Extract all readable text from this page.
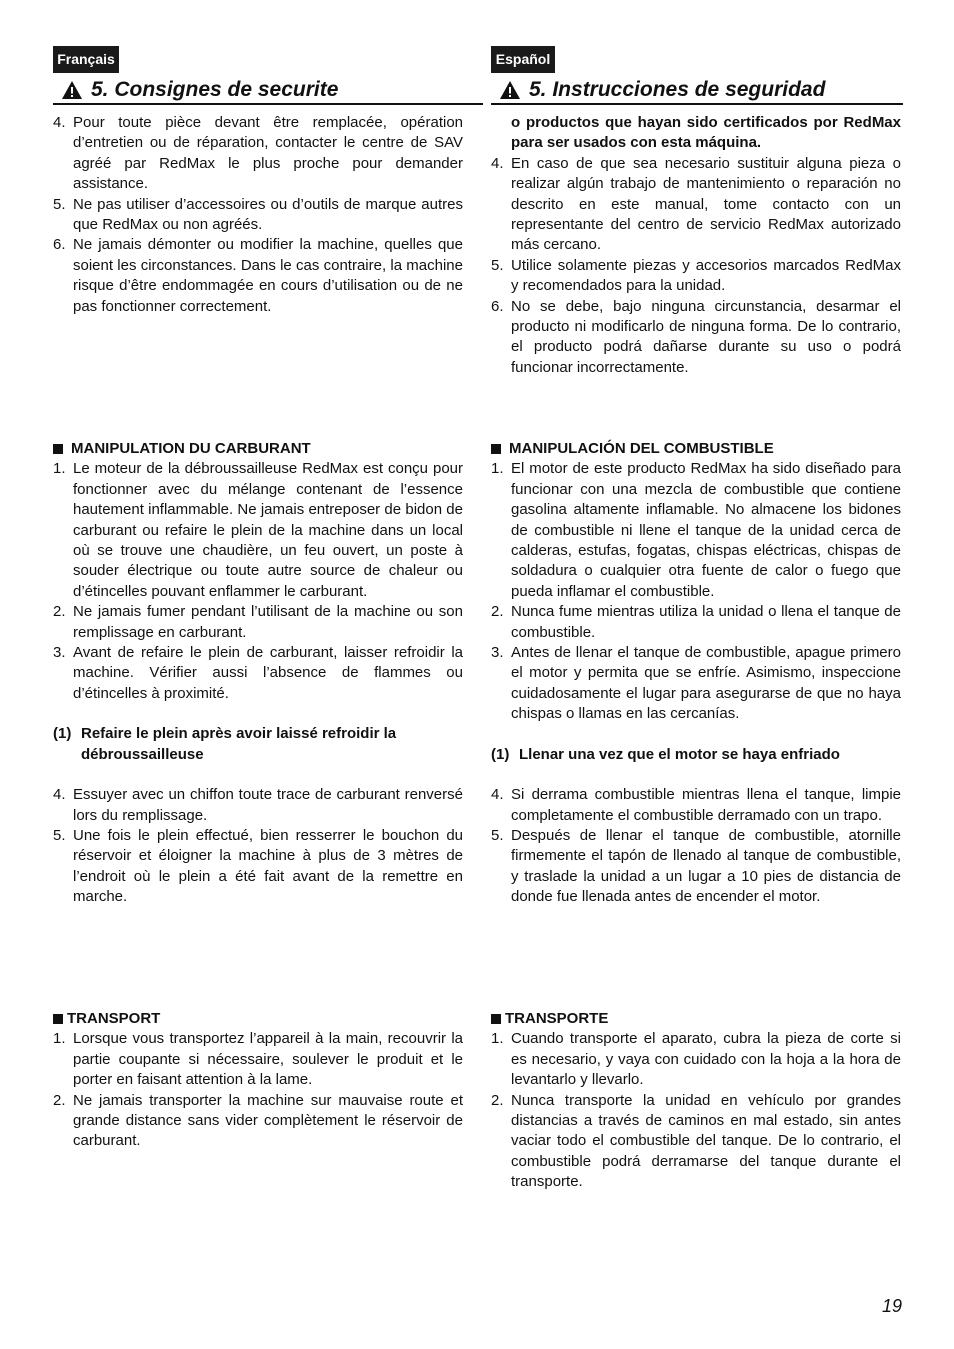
Français
5. Consignes de securite
4. Pour toute pièce devant être remplacée, opération d’entretien ou de réparation, contacter le centre de SAV agréé par RedMax le plus proche pour demander assistance.
5. Ne pas utiliser d’accessoires ou d’outils de marque autres que RedMax ou non agréés.
6. Ne jamais démonter ou modifier la machine, quelles que soient les circonstances. Dans le cas contraire, la machine risque d’être endommagée en cours d’utilisation ou de ne pas fonctionner correctement.
MANIPULATION DU CARBURANT
1. Le moteur de la débroussailleuse RedMax est conçu pour fonctionner avec du mélange contenant de l’essence hautement inflammable. Ne jamais entreposer de bidon de carburant ou refaire le plein de la machine dans un local où se trouve une chaudière, un feu ouvert, un poste à souder électrique ou toute autre source de chaleur ou d’étincelles pouvant enflammer le carburant.
2. Ne jamais fumer pendant l’utilisant de la machine ou son remplissage en carburant.
3. Avant de refaire le plein de carburant, laisser refroidir la machine. Vérifier aussi l’absence de flammes ou d’étincelles à proximité.
(1) Refaire le plein après avoir laissé refroidir la débroussailleuse
4. Essuyer avec un chiffon toute trace de carburant renversé lors du remplissage.
5. Une fois le plein effectué, bien resserrer le bouchon du réservoir et éloigner la machine à plus de 3 mètres de l’endroit où le plein a été fait avant de la remettre en marche.
TRANSPORT
1. Lorsque vous transportez l’appareil à la main, recouvrir la partie coupante si nécessaire, soulever le produit et le porter en faisant attention à la lame.
2. Ne jamais transporter la machine sur mauvaise route et grande distance sans vider complètement le réservoir de carburant.
Español
5. Instrucciones de seguridad
o productos que hayan sido certificados por RedMax para ser usados con esta máquina.
4. En caso de que sea necesario sustituir alguna pieza o realizar algún trabajo de mantenimiento o reparación no descrito en este manual, tome contacto con un representante del centro de servicio RedMax autorizado más cercano.
5. Utilice solamente piezas y accesorios marcados RedMax y recomendados para la unidad.
6. No se debe, bajo ninguna circunstancia, desarmar el producto ni modificarlo de ninguna forma. De lo contrario, el producto podrá dañarse durante su uso o podrá funcionar incorrectamente.
MANIPULACIÓN DEL COMBUSTIBLE
1. El motor de este producto RedMax ha sido diseñado para funcionar con una mezcla de combustible que contiene gasolina altamente inflamable. No almacene los bidones de combustible ni llene el tanque de la unidad cerca de calderas, estufas, fogatas, chispas eléctricas, chispas de soldadura o cualquier otra fuente de calor o fuego que pueda inflamar el combustible.
2. Nunca fume mientras utiliza la unidad o llena el tanque de combustible.
3. Antes de llenar el tanque de combustible, apague primero el motor y permita que se enfríe. Asimismo, inspeccione cuidadosamente el lugar para asegurarse de que no haya chispas o llamas en las cercanías.
(1) Llenar una vez que el motor se haya enfriado
4. Si derrama combustible mientras llena el tanque, limpie completamente el combustible derramado con un trapo.
5. Después de llenar el tanque de combustible, atornille firmemente el tapón de llenado al tanque de combustible, y traslade la unidad a un lugar a 10 pies de distancia de donde fue llenada antes de encender el motor.
TRANSPORTE
1. Cuando transporte el aparato, cubra la pieza de corte si es necesario, y vaya con cuidado con la hoja a la hora de levantarlo y llevarlo.
2. Nunca transporte la unidad en vehículo por grandes distancias a través de caminos en mal estado, sin antes vaciar todo el combustible del tanque. De lo contrario, el combustible podrá derramarse del tanque durante el transporte.
19
